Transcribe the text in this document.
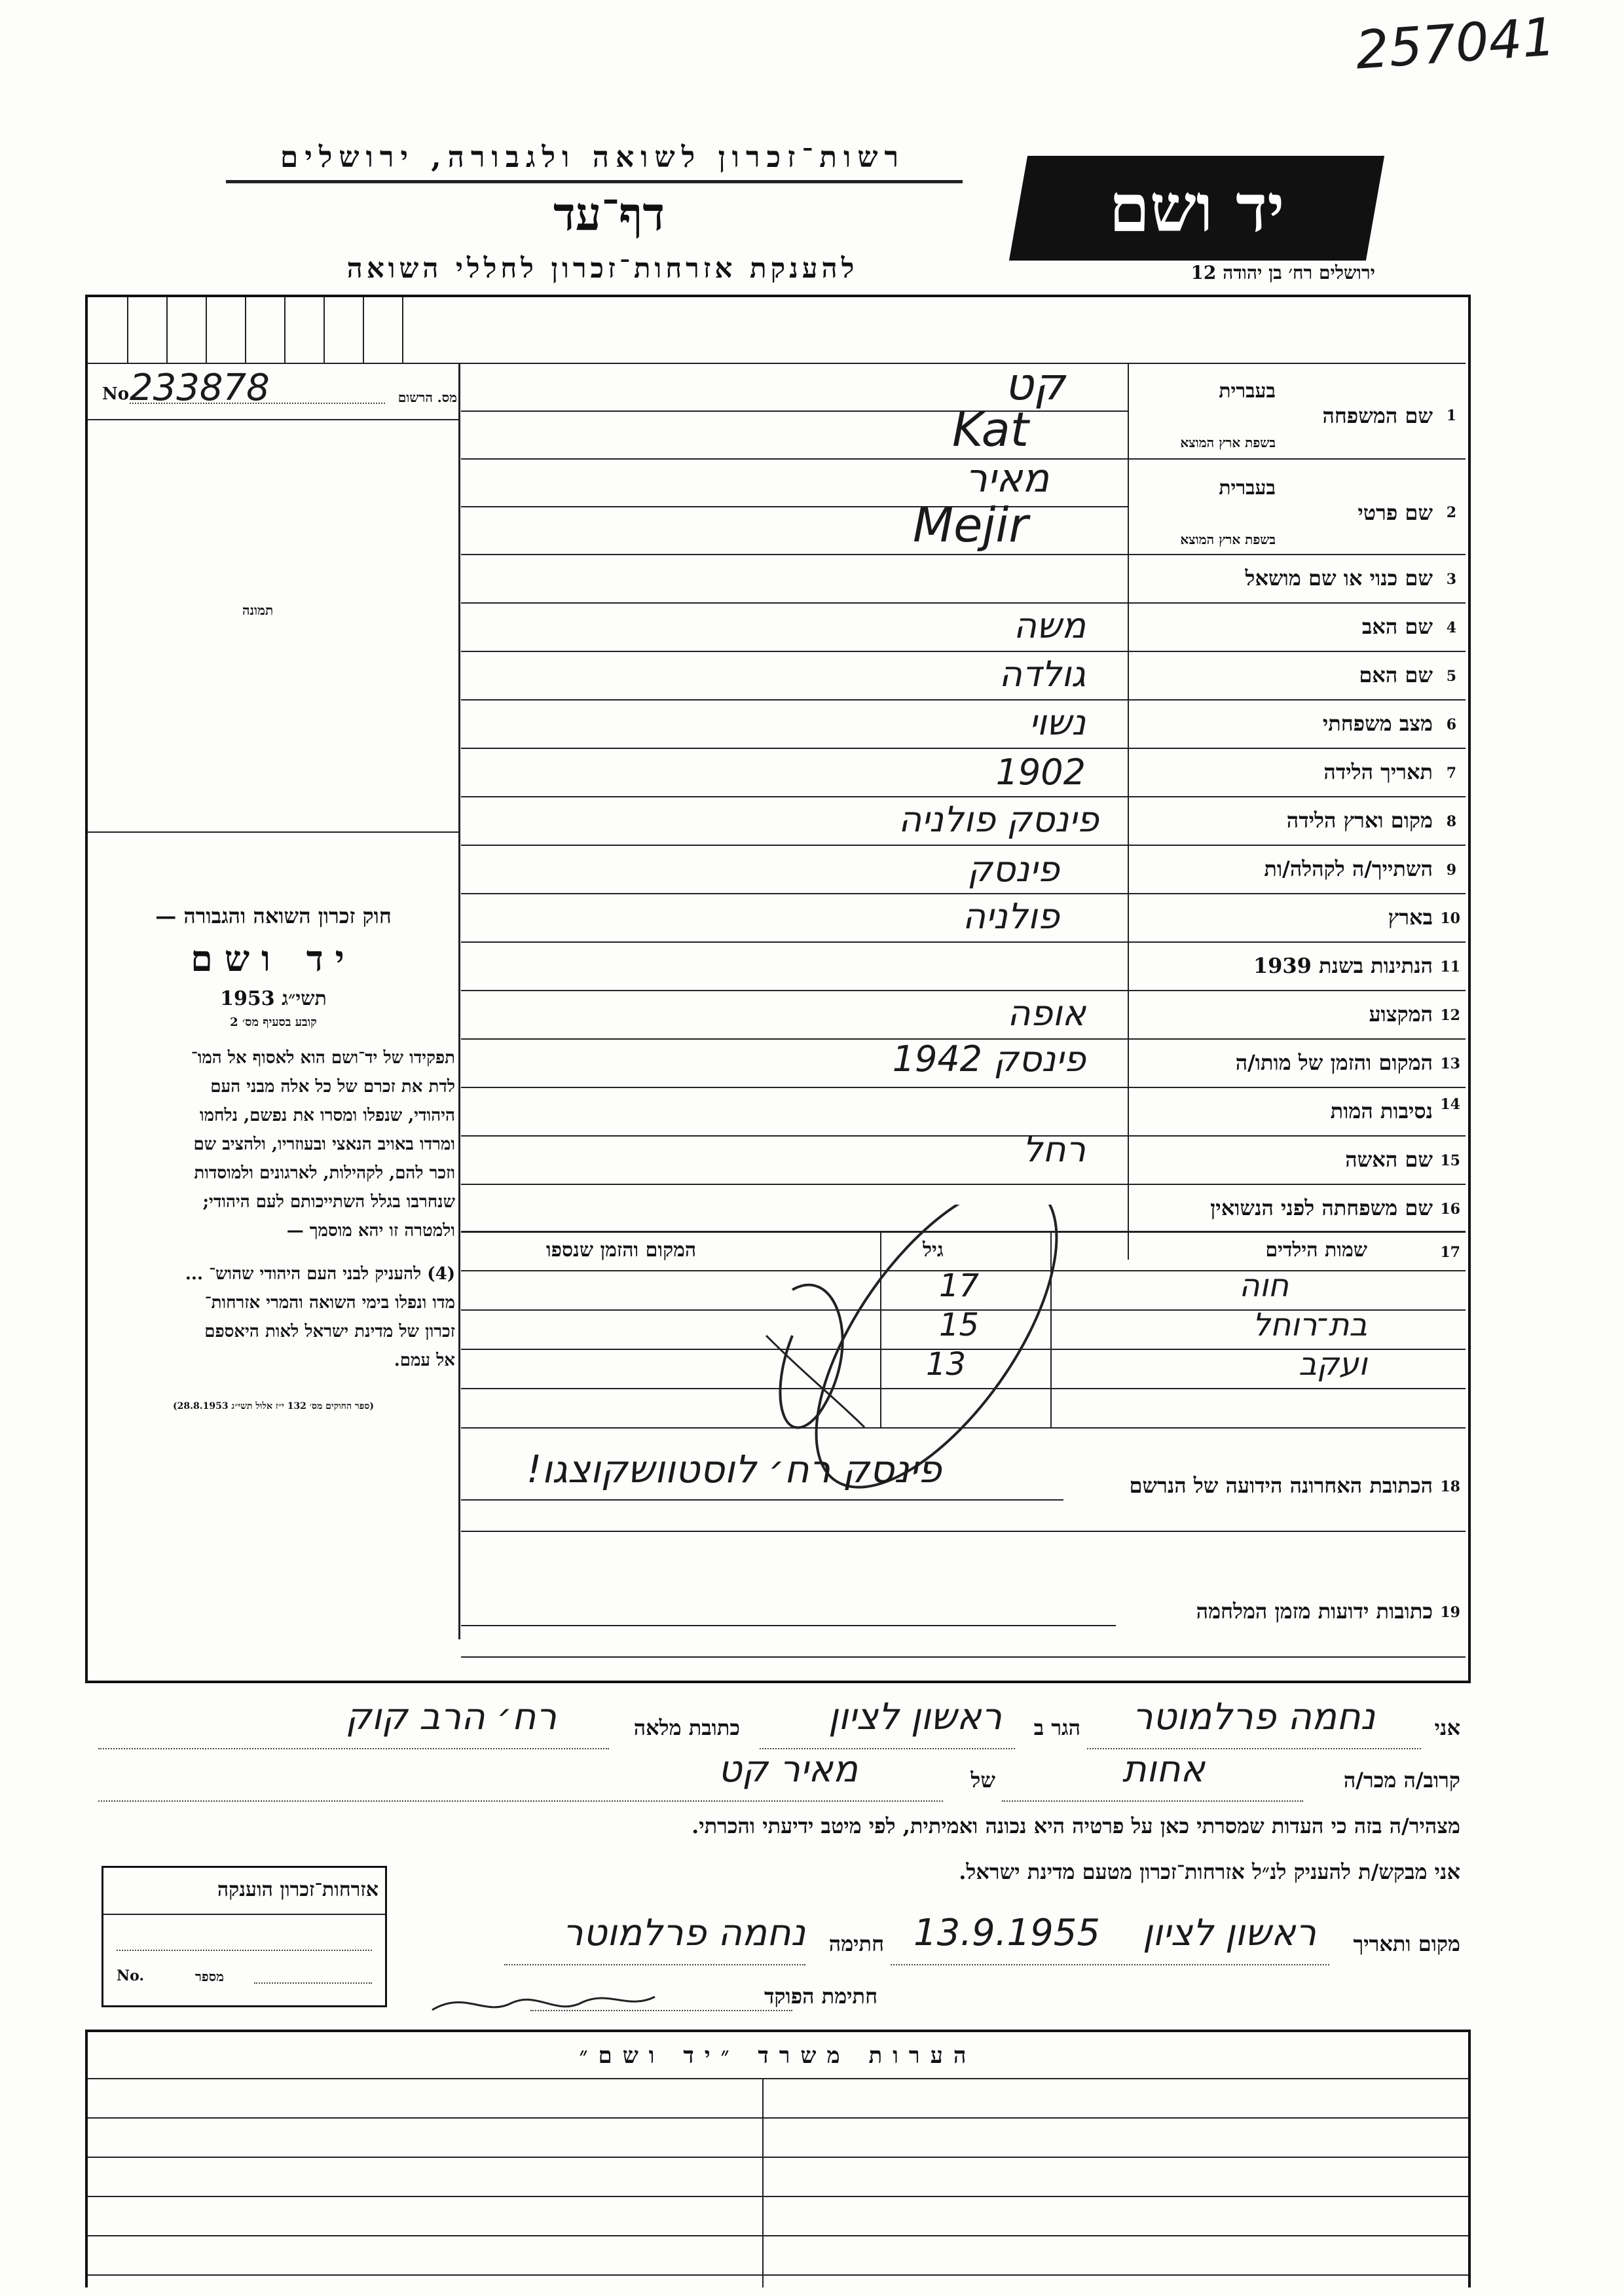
257041
רשות־זכרון לשואה ולגבורה, ירושלים
דף־עד
להענקת אזרחות־זכרון לחללי השואה
יד ושם
ירושלים רח׳ בן יהודה 12
No.
233878	מס. הרשום
תמונה
חוק זכרון השואה והגבורה —
יד ושם
תשי״ג 1953
קובע בסעיף מס׳ 2
תפקידו של יד־ושם הוא לאסוף אל המו־
לדת את זכרם של כל אלה מבני העם
היהודי, שנפלו ומסרו את נפשם, נלחמו
ומרדו באויב הנאצי ובעוזריו, ולהציב שם
וזכר להם, לקהילות, לארגונים ולמוסדות
שנחרבו בגלל השתייכותם לעם היהודי;
ולמטרה זו יהא מוסמך —
(4) להעניק לבני העם היהודי שהוש־ ...
מדו ונפלו בימי השואה והמרי אזרחות־
זכרון של מדינת ישראל לאות היאספם
אל עמם.
(ספר החוקים מס׳ 132 י״ז אלול תשי״ג 28.8.1953)
1
שם המשפחה
בעברית
בשפת ארץ המוצא
קט
Kat
2
שם פרטי
בעברית
בשפת ארץ המוצא
מאיר
Mejir
3
שם כנוי או שם מושאל
4
שם האב
משה
5
שם האם
גולדה
6
מצב משפחתי
נשוי
7
תאריך הלידה
1902
8
מקום וארץ הלידה
פינסק פולניה
9
השתייך/ה לקהלה/ות
פינסק
10
בארץ
פולניה
11
הנתינות בשנת 1939
12
המקצוע
אופה
13
המקום והזמן של מותו/ה
פינסק 1942
14
נסיבות המות
15
שם האשה
רחל
16
שם משפחתה לפני הנשואין
17
שמות הילדים
גיל
המקום והזמן שנספו
חוה
17
בת־רוחל
15
ועקב
13
18
הכתובת האחרונה הידועה של הנרשם
פינסק רח׳ לוסטוושקוצגו!
19
כתובות ידועות מזמן המלחמה
אני
נחמה פרלמוטר
הגר ב
ראשון לציון
כתובת מלאה
רח׳ הרב קוק
קרוב/ה מכר/ה
אחות
של
מאיר קט
מצהיר/ה בזה כי העדות שמסרתי כאן על פרטיה היא נכונה ואמיתית, לפי מיטב ידיעתי והכרתי.
אני מבקש/ת להעניק לנ״ל אזרחות־זכרון מטעם מדינת ישראל.
מקום ותאריך
ראשון לציון
13.9.1955
חתימה
נחמה פרלמוטר
חתימת הפוקד
אזרחות־זכרון הוענקה
No.	מספר
הערות משרד ״יד ושם״
